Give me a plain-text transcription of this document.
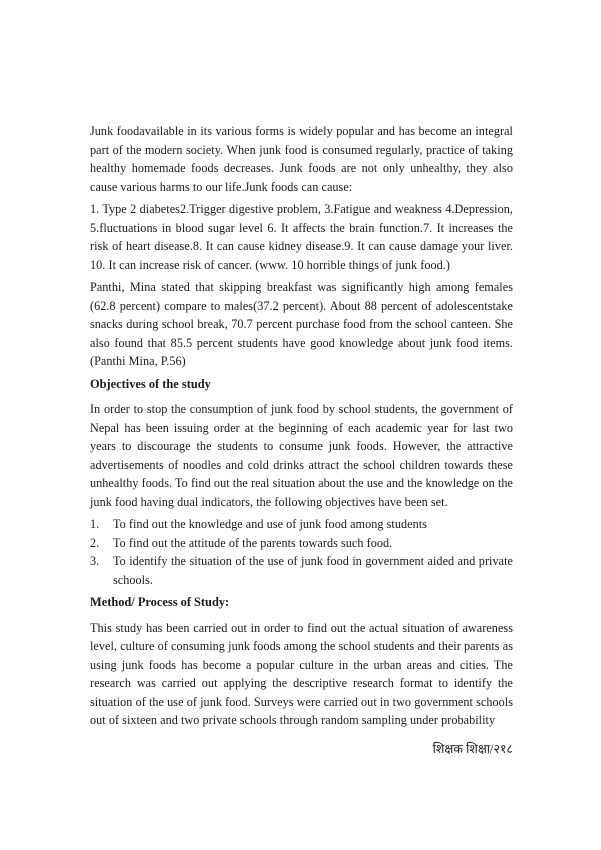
Junk foodavailable in its various forms is widely popular and has become an integral part of the modern society. When junk food is consumed regularly, practice of taking healthy homemade foods decreases. Junk foods are not only unhealthy, they also cause various harms to our life.Junk foods can cause:

1. Type 2 diabetes2.Trigger digestive problem, 3.Fatigue and weakness 4.Depression, 5.fluctuations in blood sugar level 6. It affects the brain function.7. It increases the risk of heart disease.8. It can cause kidney disease.9. It can cause damage your liver. 10. It can increase risk of cancer. (www. 10 horrible things of junk food.)

Panthi, Mina stated that skipping breakfast was significantly high among females (62.8 percent) compare to males(37.2 percent). About 88 percent of adolescentstake snacks during school break, 70.7 percent purchase food from the school canteen. She also found that 85.5 percent students have good knowledge about junk food items. (Panthi Mina, P.56)

Objectives of the study

In order to stop the consumption of junk food by school students, the government of Nepal has been issuing order at the beginning of each academic year for last two years to discourage the students to consume junk foods. However, the attractive advertisements of noodles and cold drinks attract the school children towards these unhealthy foods. To find out the real situation about the use and the knowledge on the junk food having dual indicators, the following objectives have been set.

1.	To find out the knowledge and use of junk food among students
2.	To find out the attitude of the parents towards such food.
3.	To identify the situation of the use of junk food in government aided and private schools.
Method/ Process of Study:

This study has been carried out in order to find out the actual situation of awareness level, culture of consuming junk foods among the school students and their parents as using junk foods has become a popular culture in the urban areas and cities. The research was carried out applying the descriptive research format to identify the situation of the use of junk food. Surveys were carried out in two government schools out of sixteen and two private schools through random sampling under probability

शिक्षक शिक्षा/२१८
